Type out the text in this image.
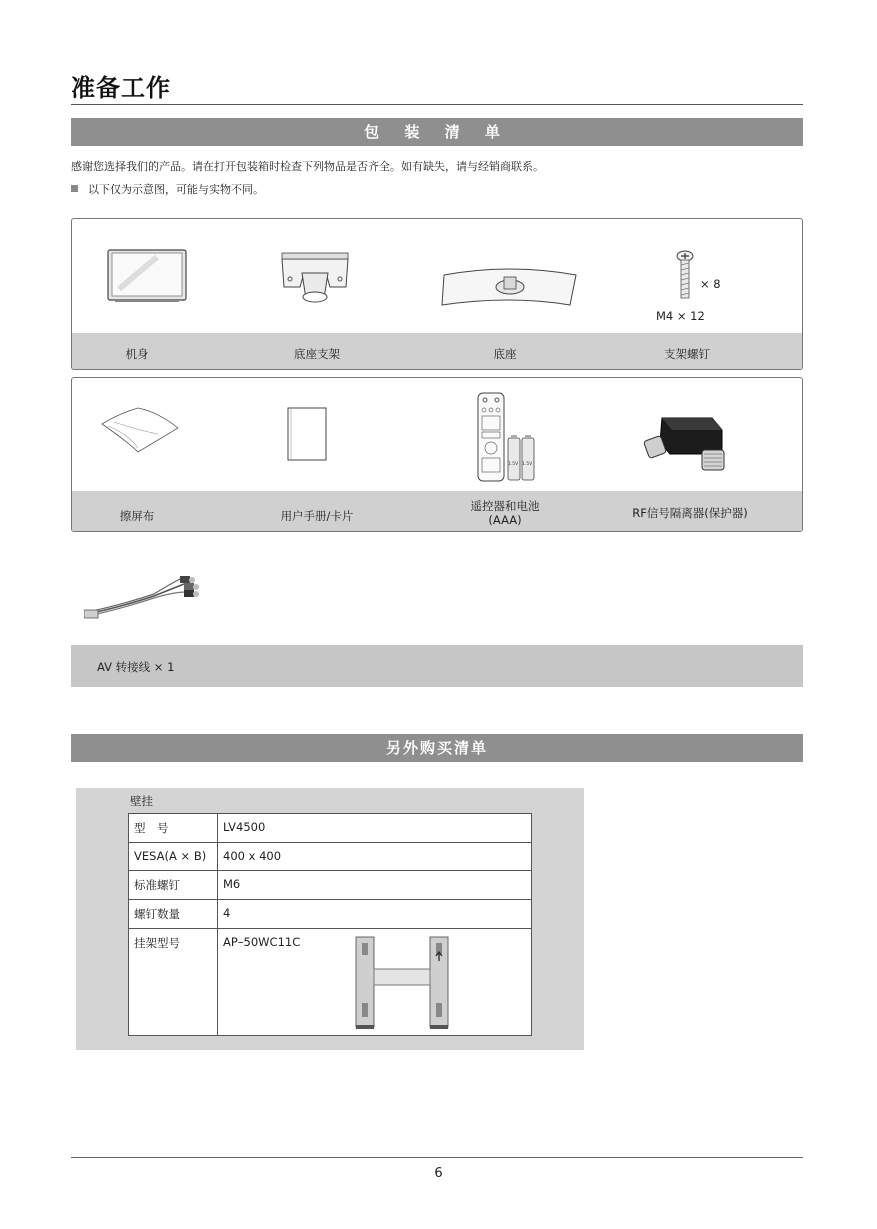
准备工作
包 装 清 单
感谢您选择我们的产品。请在打开包装箱时检查下列物品是否齐全。如有缺失，请与经销商联系。
以下仅为示意图，可能与实物不同。
机身	底座支架	底座
× 8
M4 × 12
支架螺钉
擦屏布	用户手册/卡片
1.5V 1.5V
遥控器和电池
(AAA)	RF信号隔离器(保护器)
AV 转接线 × 1
另外购买清单
壁挂
型　号	LV4500
VESA(A × B)	400 x 400
标准螺钉	M6
螺钉数量	4
挂架型号	AP–50WC11C
6
